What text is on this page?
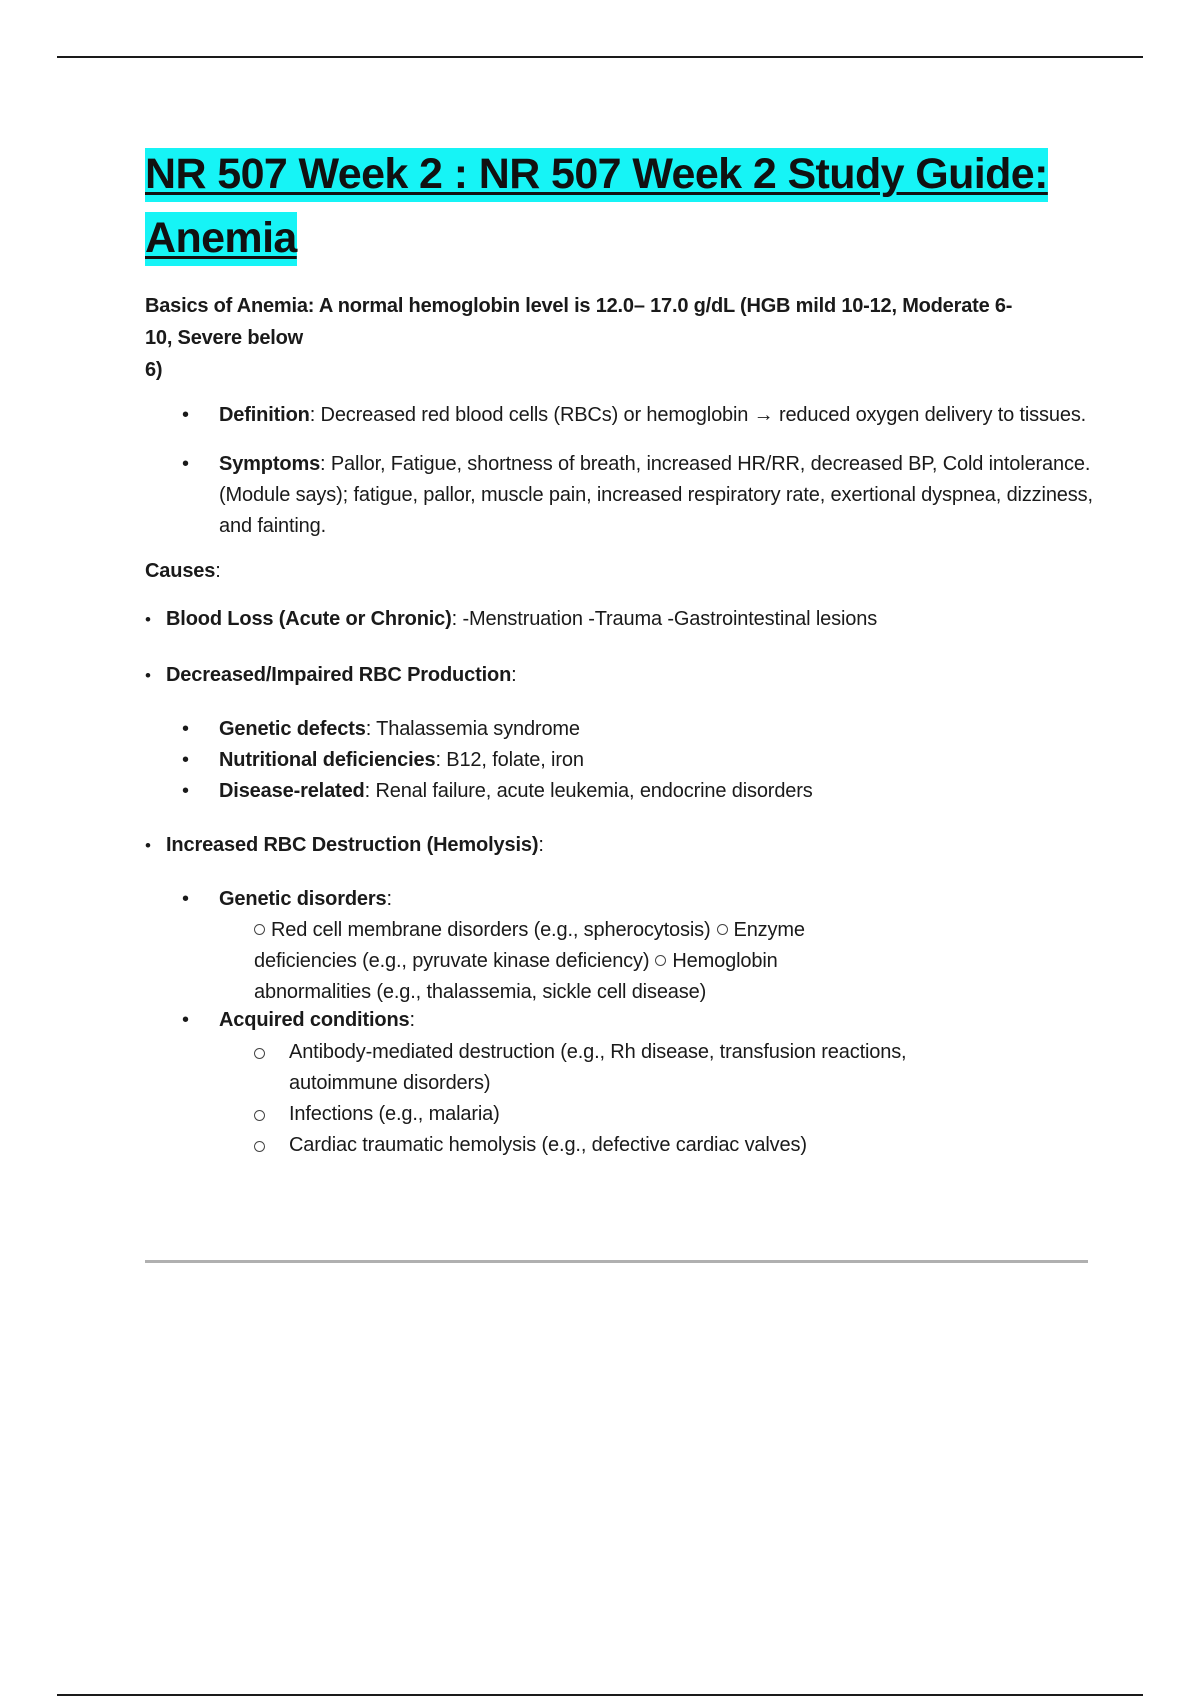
NR 507 Week 2 : NR 507 Week 2 Study Guide: Anemia
Basics of Anemia: A normal hemoglobin level is 12.0– 17.0 g/dL (HGB mild 10-12, Moderate 6-
10, Severe below
6)
• Definition: Decreased red blood cells (RBCs) or hemoglobin → reduced oxygen delivery to tissues.
• Symptoms: Pallor, Fatigue, shortness of breath, increased HR/RR, decreased BP, Cold intolerance. (Module says); fatigue, pallor, muscle pain, increased respiratory rate, exertional dyspnea, dizziness, and fainting.
Causes:
• Blood Loss (Acute or Chronic): -Menstruation -Trauma -Gastrointestinal lesions
• Decreased/Impaired RBC Production:
• Genetic defects: Thalassemia syndrome
• Nutritional deficiencies: B12, folate, iron
• Disease-related: Renal failure, acute leukemia, endocrine disorders
• Increased RBC Destruction (Hemolysis):
• Genetic disorders:
Red cell membrane disorders (e.g., spherocytosis) Enzyme
deficiencies (e.g., pyruvate kinase deficiency) Hemoglobin
abnormalities (e.g., thalassemia, sickle cell disease)
• Acquired conditions:
Antibody-mediated destruction (e.g., Rh disease, transfusion reactions, autoimmune disorders)
Infections (e.g., malaria)
Cardiac traumatic hemolysis (e.g., defective cardiac valves)
